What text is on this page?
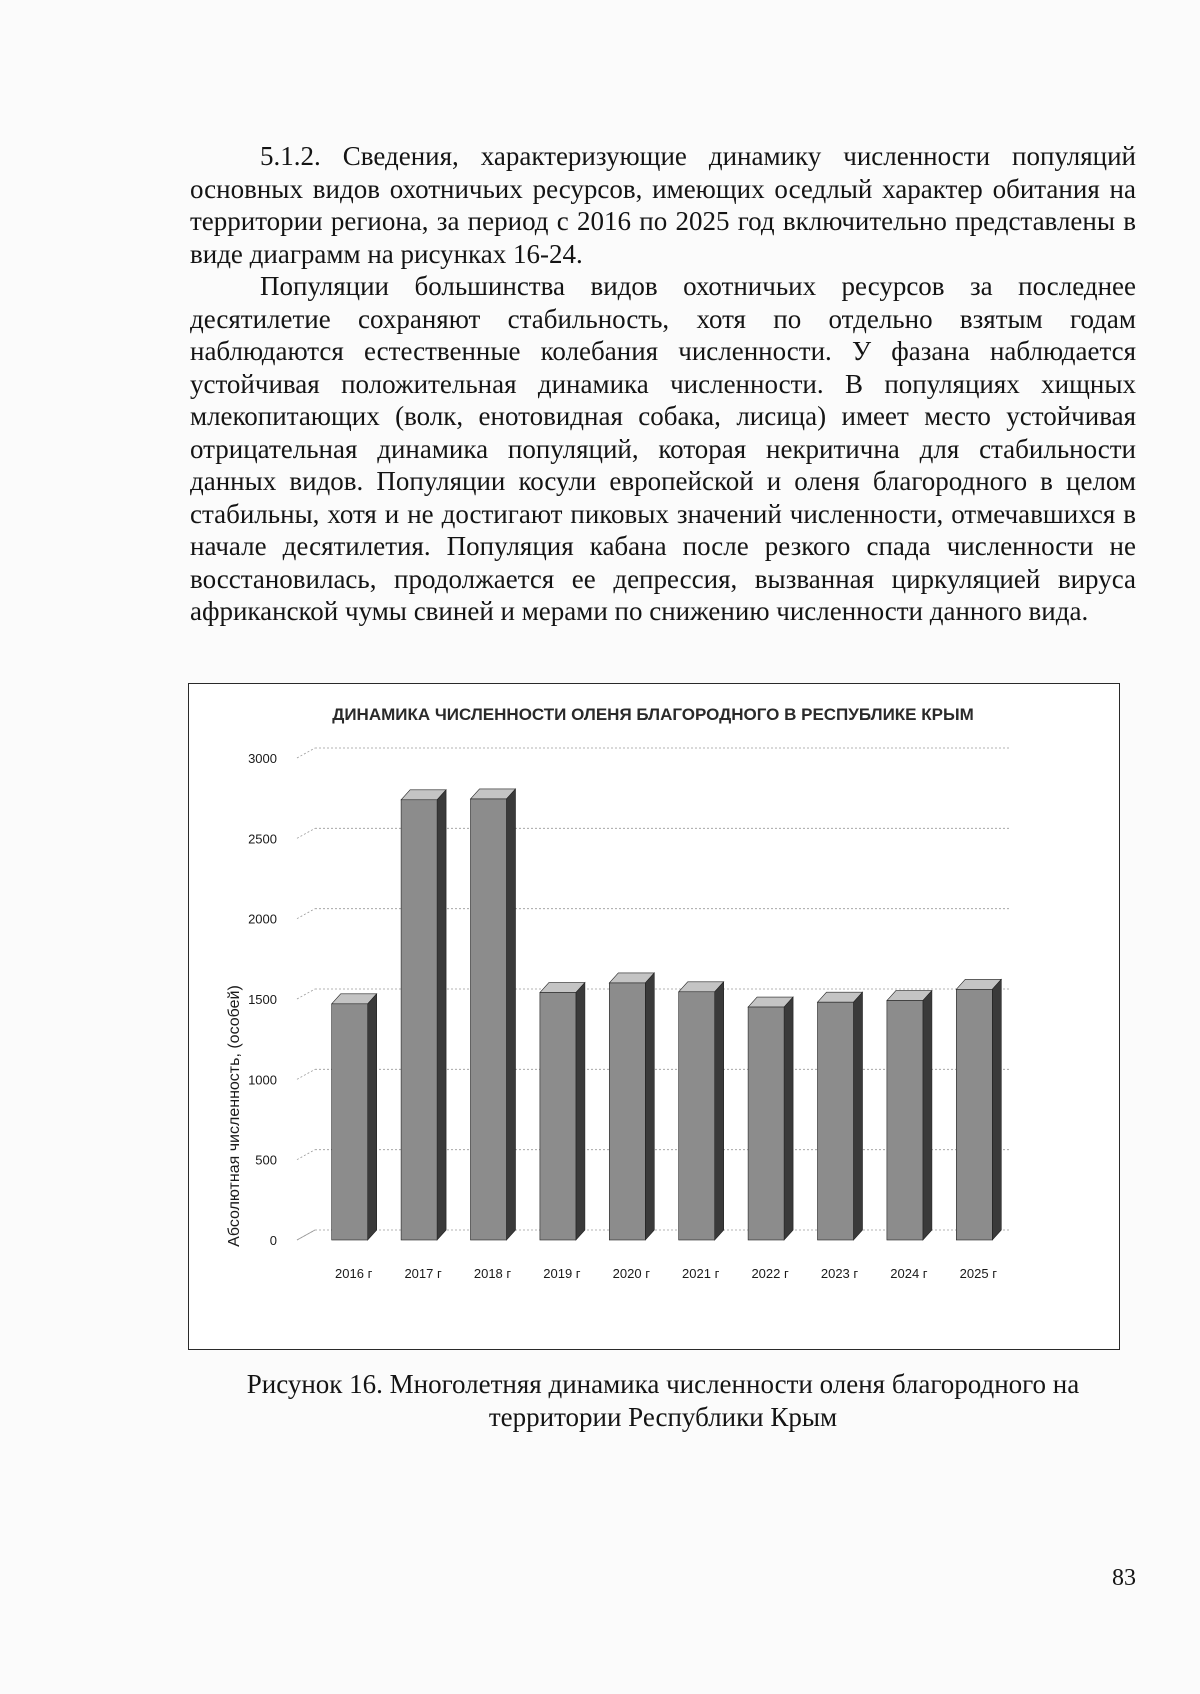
5.1.2. Сведения, характеризующие динамику численности популяций основных видов охотничьих ресурсов, имеющих оседлый характер обитания на территории региона, за период с 2016 по 2025 год включительно представлены в виде диаграмм на рисунках 16-24.

Популяции большинства видов охотничьих ресурсов за последнее десятилетие сохраняют стабильность, хотя по отдельно взятым годам наблюдаются естественные колебания численности. У фазана наблюдается устойчивая положительная динамика численности. В популяциях хищных млекопитающих (волк, енотовидная собака, лисица) имеет место устойчивая отрицательная динамика популяций, которая некритична для стабильности данных видов. Популяции косули европейской и оленя благородного в целом стабильны, хотя и не достигают пиковых значений численности, отмечавшихся в начале десятилетия. Популяция кабана после резкого спада численности не восстановилась, продолжается ее депрессия, вызванная циркуляцией вируса африканской чумы свиней и мерами по снижению численности данного вида.

ДИНАМИКА ЧИСЛЕННОСТИ ОЛЕНЯ БЛАГОРОДНОГО В РЕСПУБЛИКЕ КРЫМ
0
500
1000
1500
2000
2500
3000
2016 г 2017 г 2018 г 2019 г 2020 г 2021 г 2022 г 2023 г 2024 г 2025 г
Абсолютная численность, (особей)
Рисунок 16. Многолетняя динамика численности оленя благородного на
территории Республики Крым
83
